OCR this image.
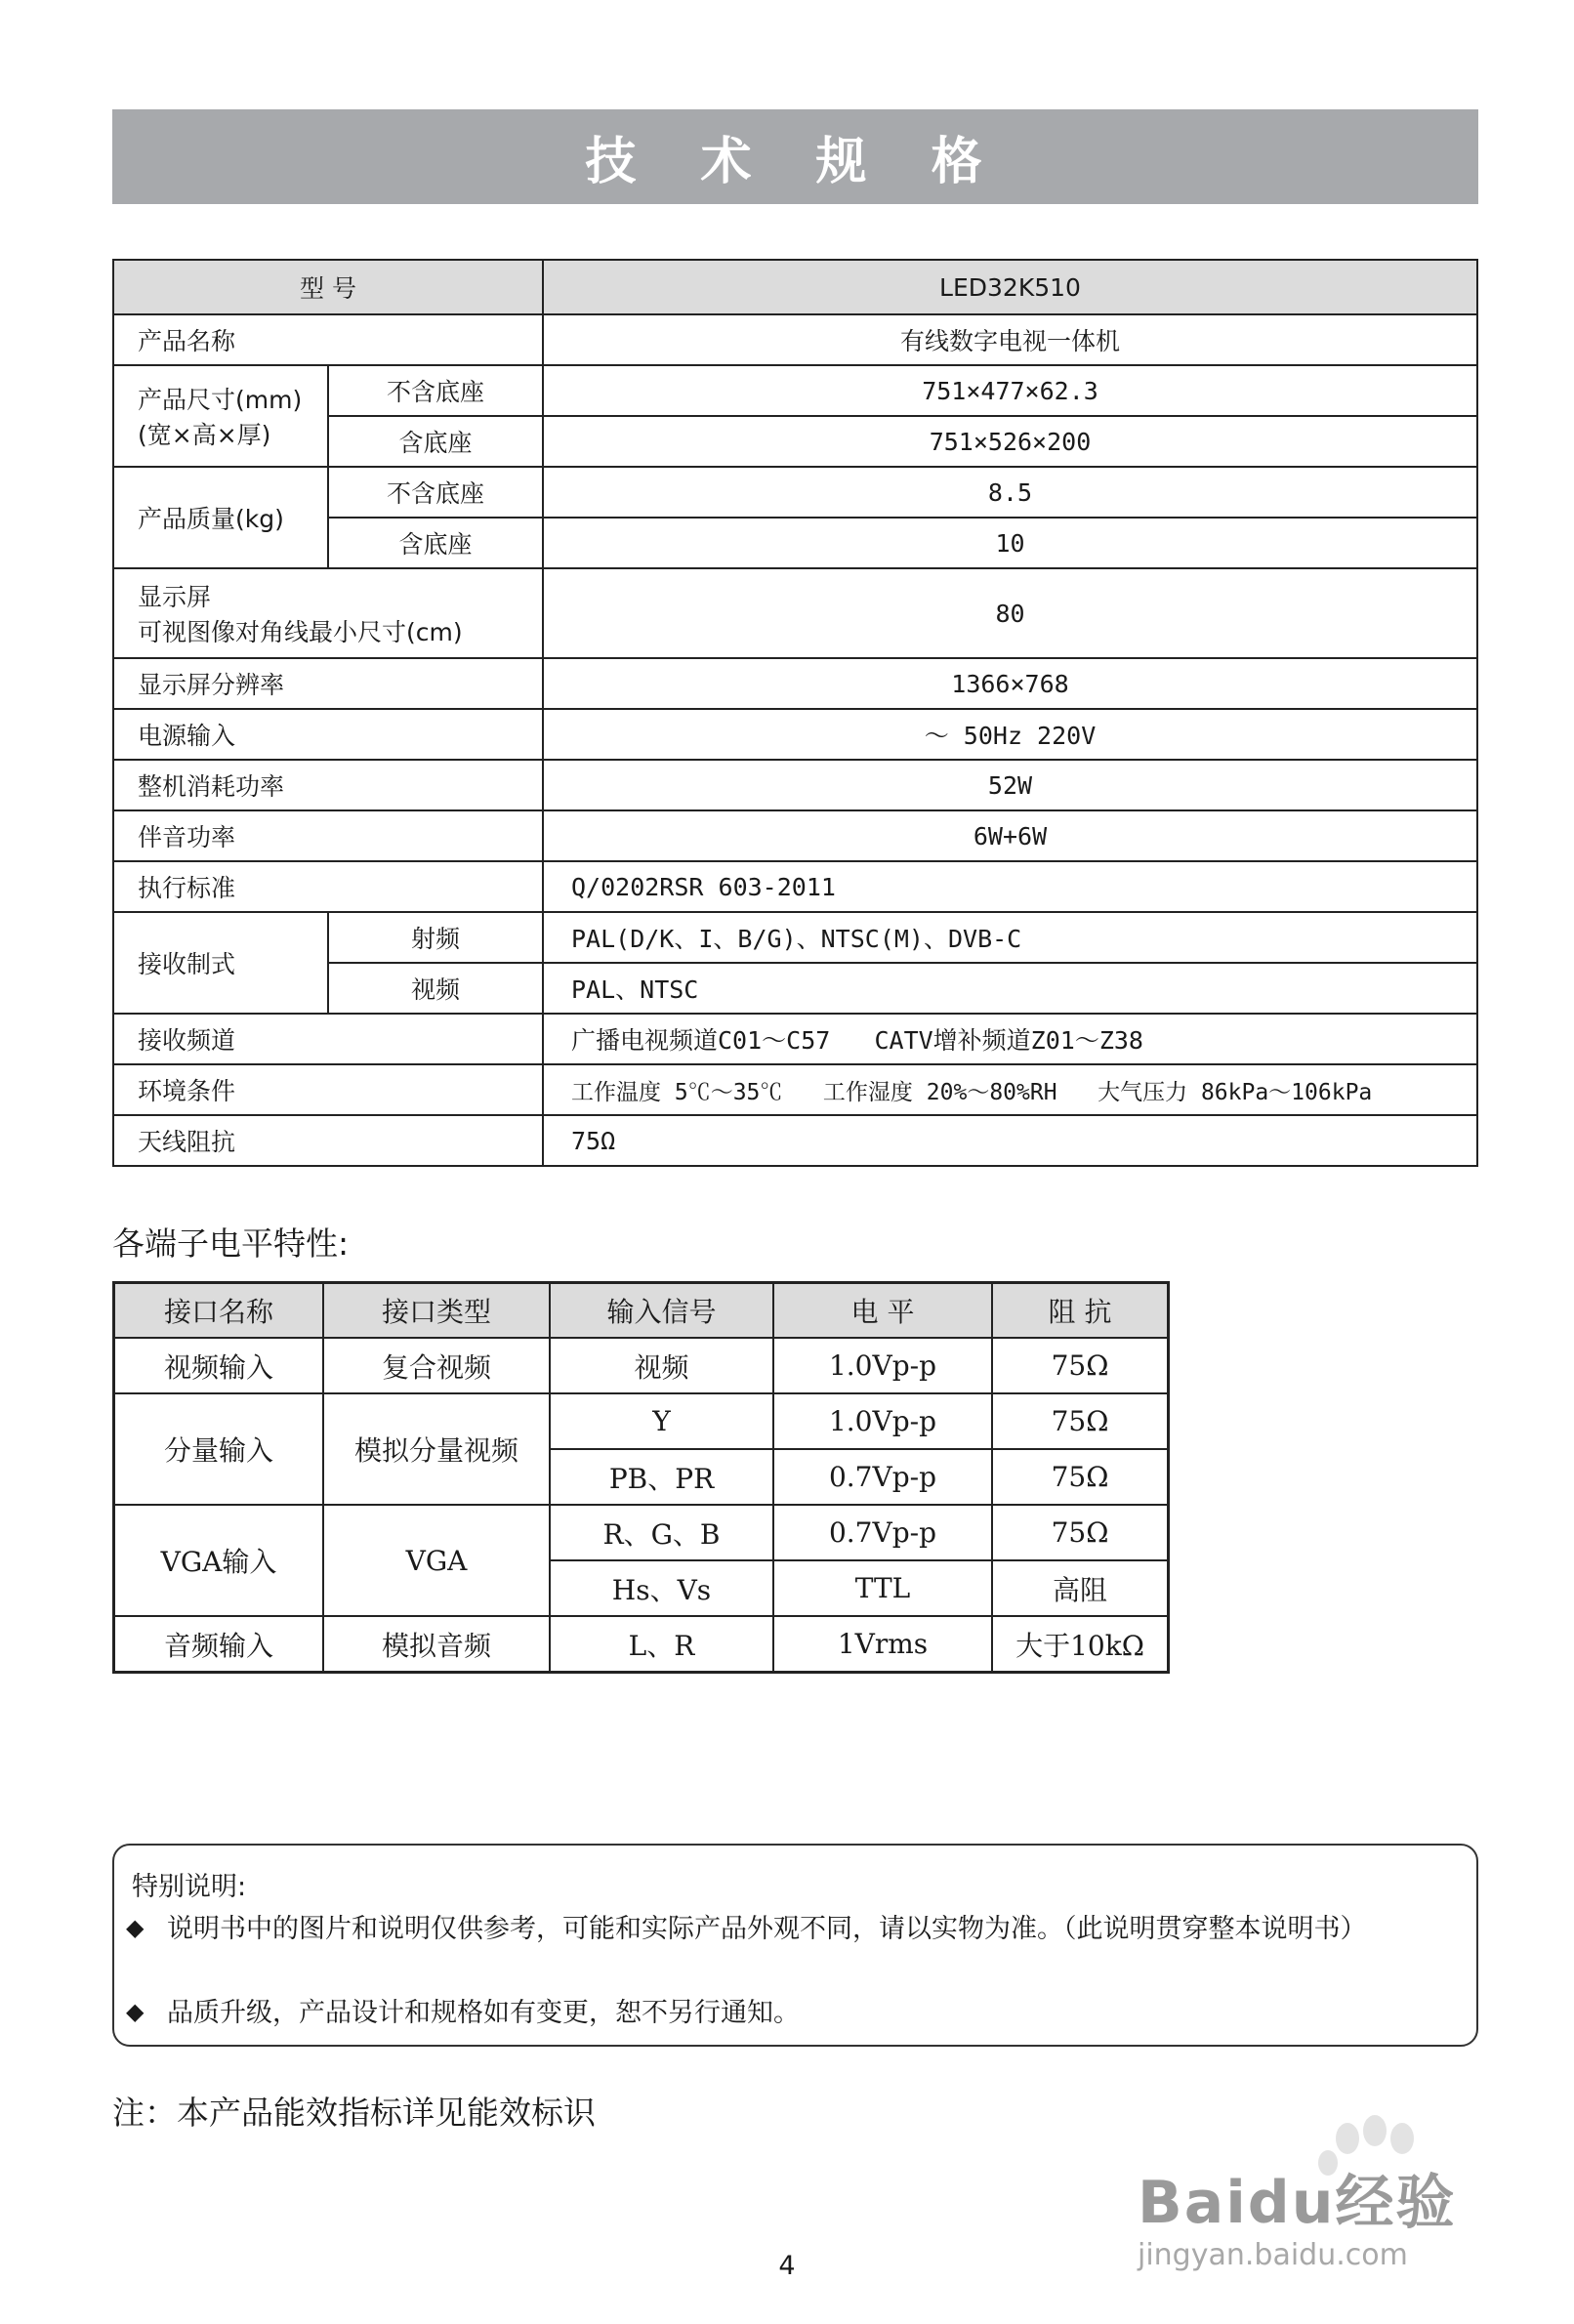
技 术 规 格
型 号		LED32K510
产品名称		有线数字电视一体机

产品尺寸(mm)
(宽×高×厚)	不含底座	751×477×62.3
	含底座	751×526×200
产品质量(kg)	不含底座	8.5
	含底座	10

显示屏
可视图像对角线最小尺寸(cm)		80
显示屏分辨率		1366×768
电源输入		～ 50Hz 220V
整机消耗功率		52W
伴音功率		6W+6W
执行标准		Q/0202RSR 603-2011
接收制式	射频	PAL(D/K、I、B/G)、NTSC(M)、DVB-C
	视频	PAL、NTSC
接收频道		广播电视频道C01～C57   CATV增补频道Z01～Z38
环境条件		工作温度 5℃～35℃   工作湿度 20%～80%RH   大气压力 86kPa～106kPa
天线阻抗		75Ω
各端子电平特性:
接口名称	接口类型	输入信号	电 平	阻 抗
视频输入	复合视频	视频	1.0Vp-p	75Ω
分量输入	模拟分量视频	Y	1.0Vp-p	75Ω
		PB、PR	0.7Vp-p	75Ω
VGA输入	VGA	R、G、B	0.7Vp-p	75Ω
		Hs、Vs	TTL	高阻
音频输入	模拟音频	L、R	1Vrms	大于10kΩ
特别说明:
◆ 说明书中的图片和说明仅供参考，可能和实际产品外观不同，请以实物为准。（此说明贯穿整本说明书）
◆ 品质升级，产品设计和规格如有变更，恕不另行通知。
注：本产品能效指标详见能效标识
Baidu经验
jingyan.baidu.com
4
